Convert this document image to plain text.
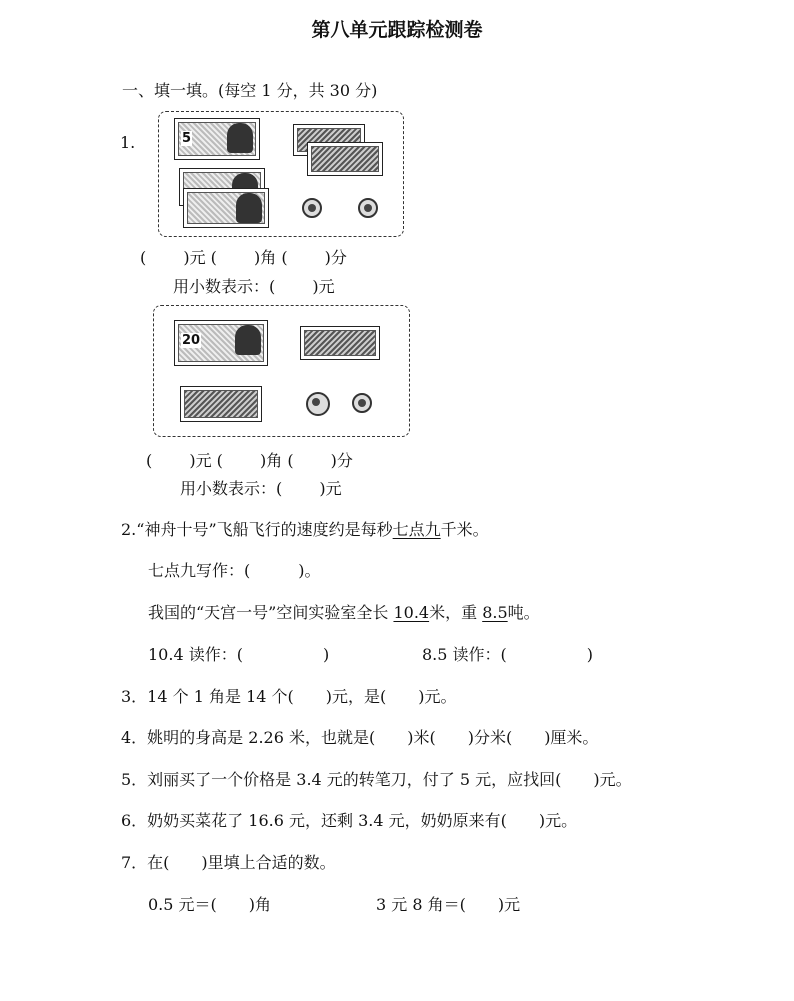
第八单元跟踪检测卷
一、填一填。(每空 1 分，共 30 分)
1.	5
(　　 )元 (　　 )角 (　　 )分
用小数表示：(　　 )元
20
(　　 )元 (　　 )角 (　　 )分
用小数表示：(　　 )元
2.“神舟十号”飞船飞行的速度约是每秒七点九千米。
七点九写作：(　　　)。
我国的“天宫一号”空间实验室全长 10.4米，重 8.5吨。
10.4 读作：(　　　　　)	8.5 读作：(　　　　　)
3．14 个 1 角是 14 个(　　)元，是(　　)元。
4．姚明的身高是 2.26 米，也就是(　　)米(　　)分米(　　)厘米。
5．刘丽买了一个价格是 3.4 元的转笔刀，付了 5 元，应找回(　　)元。
6．奶奶买菜花了 16.6 元，还剩 3.4 元，奶奶原来有(　　)元。
7．在(　　)里填上合适的数。
0.5 元＝(　　)角	3 元 8 角＝(　　)元
